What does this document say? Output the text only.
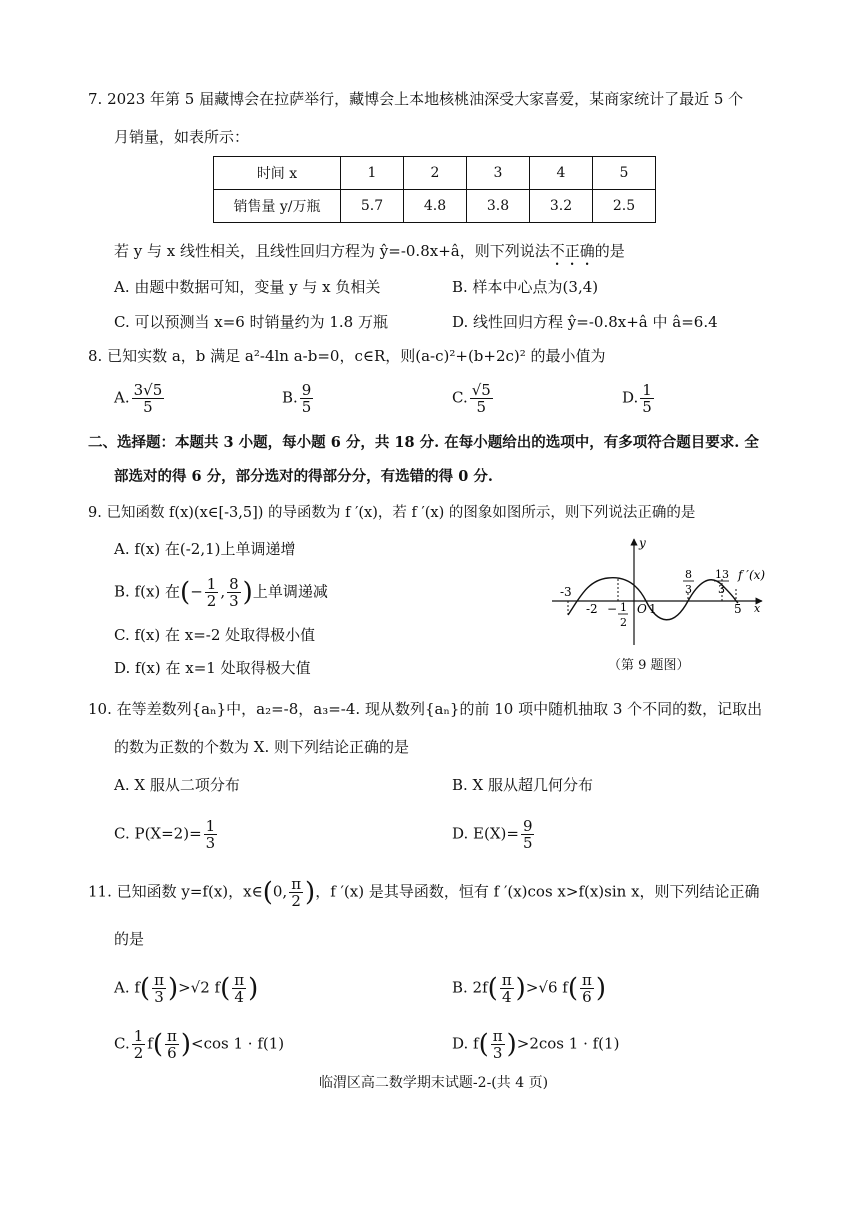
7. 2023 年第 5 届藏博会在拉萨举行，藏博会上本地核桃油深受大家喜爱，某商家统计了最近 5 个
月销量，如表所示：
时间 x	1	2	3	4	5
销售量 y/万瓶	5.7	4.8	3.8	3.2	2.5
若 y 与 x 线性相关，且线性回归方程为 ŷ=-0.8x+â，则下列说法不正确的是
A. 由题中数据可知，变量 y 与 x 负相关	B. 样本中心点为(3,4)
C. 可以预测当 x=6 时销量约为 1.8 万瓶	D. 线性回归方程 ŷ=-0.8x+â 中 â=6.4
8. 已知实数 a，b 满足 a²-4ln a-b=0，c∈R，则(a-c)²+(b+2c)² 的最小值为
A. $\frac{3√5}{5}$	B. $\frac{9}{5}$	C. $\frac{√5}{5}$	D. $\frac{1}{5}$
二、选择题：本题共 3 小题，每小题 6 分，共 18 分. 在每小题给出的选项中，有多项符合题目要求. 全
部选对的得 6 分，部分选对的得部分分，有选错的得 0 分.
9. 已知函数 f(x)(x∈[-3,5]) 的导函数为 f ′(x)，若 f ′(x) 的图象如图所示，则下列说法正确的是
A. f(x) 在(-2,1)上单调递增
B. f(x) 在(− $\frac{1}{2}$ , $\frac{8}{3}$ )上单调递减
C. f(x) 在 x=-2 处取得极小值
D. f(x) 在 x=1 处取得极大值
y
x
f ′(x)
-3
-2 − 1
2
O 1
8
3
13
3
5
（第 9 题图）
10. 在等差数列{aₙ}中，a₂=-8，a₃=-4. 现从数列{aₙ}的前 10 项中随机抽取 3 个不同的数，记取出
的数为正数的个数为 X. 则下列结论正确的是
A. X 服从二项分布	B. X 服从超几何分布
C. $P(X=2)= \frac{1}{3}$	D. $E(X)= \frac{9}{5}$
11. 已知函数 y=f(x)，x∈(0, $\frac{\pi}{2}$ )，f ′(x) 是其导函数，恒有 f ′(x)cos x>f(x)sin x，则下列结论正确
的是
A. $f( \frac{\pi}{3} )>√2$ $f( \frac{\pi}{4}$ )	B. $2f( \frac{\pi}{4} )>√6$ $f( \frac{\pi}{6}$ )
C. $\frac{1}{2} f( \frac{\pi}{6} )<\cos$ 1 · f(1)	D. $f( \frac{\pi}{3} )>2\cos$ 1 · f(1)
临渭区高二数学期末试题-2-(共 4 页)
